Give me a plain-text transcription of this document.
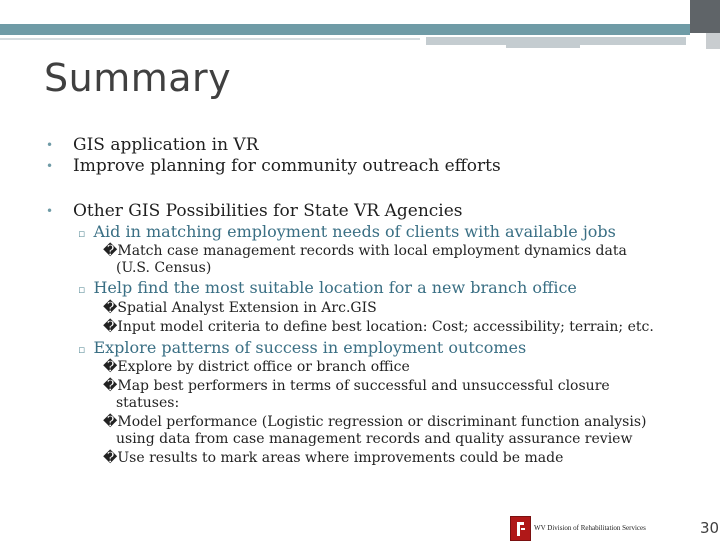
Summary
• GIS application in VR
• Improve planning for community outreach efforts
• Other GIS Possibilities for State VR Agencies
▫ Aid in matching employment needs of clients with available jobs
�Match case management records with local employment dynamics data
(U.S. Census)
▫ Help find the most suitable location for a new branch office
�Spatial Analyst Extension in Arc.GIS
�Input model criteria to define best location: Cost; accessibility; terrain; etc.
▫ Explore patterns of success in employment outcomes
�Explore by district office or branch office
�Map best performers in terms of successful and unsuccessful closure
statuses:
�Model performance (Logistic regression or discriminant function analysis)
using data from case management records and quality assurance review
�Use results to mark areas where improvements could be made
WV Division of Rehabilitation Services	30
